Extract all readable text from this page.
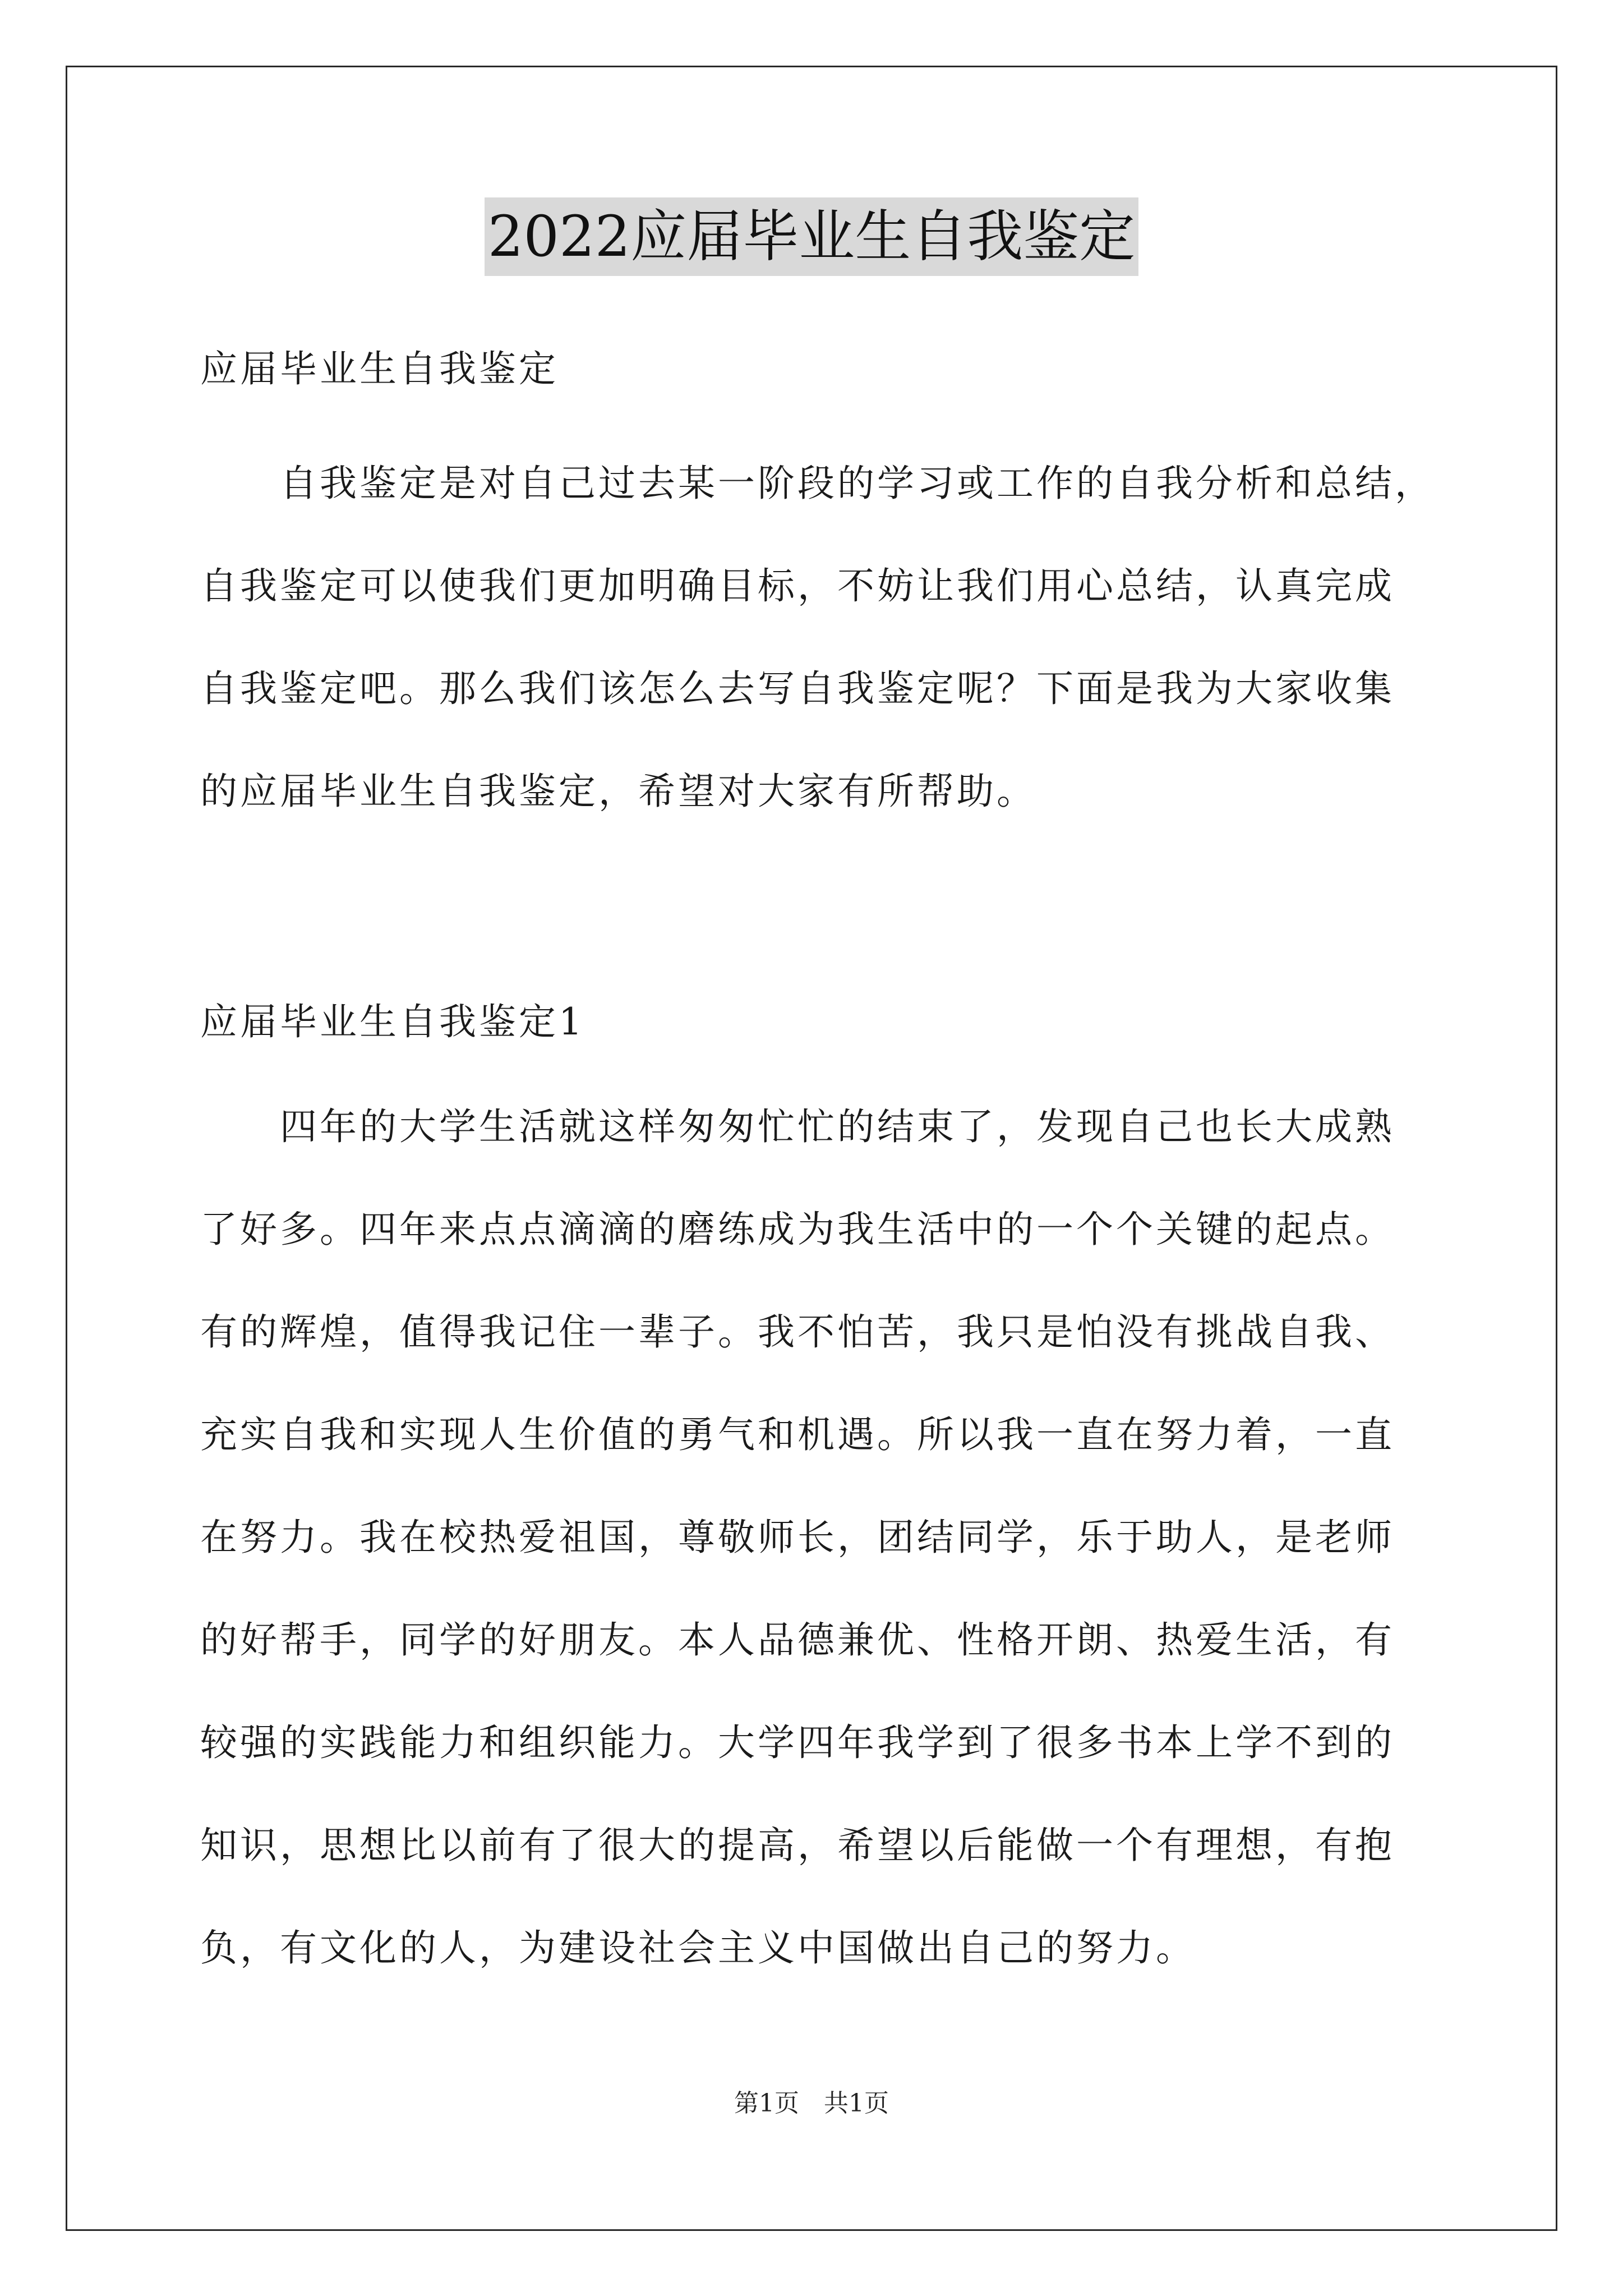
2022应届毕业生自我鉴定
应届毕业生自我鉴定
　　自我鉴定是对自己过去某一阶段的学习或工作的自我分析和总结，
自我鉴定可以使我们更加明确目标，不妨让我们用心总结，认真完成
自我鉴定吧。那么我们该怎么去写自我鉴定呢？下面是我为大家收集
的应届毕业生自我鉴定，希望对大家有所帮助。
应届毕业生自我鉴定1
　　四年的大学生活就这样匆匆忙忙的结束了，发现自己也长大成熟
了好多。四年来点点滴滴的磨练成为我生活中的一个个关键的起点。
有的辉煌，值得我记住一辈子。我不怕苦，我只是怕没有挑战自我、
充实自我和实现人生价值的勇气和机遇。所以我一直在努力着，一直
在努力。我在校热爱祖国，尊敬师长，团结同学，乐于助人，是老师
的好帮手，同学的好朋友。本人品德兼优、性格开朗、热爱生活，有
较强的实践能力和组织能力。大学四年我学到了很多书本上学不到的
知识，思想比以前有了很大的提高，希望以后能做一个有理想，有抱
负，有文化的人，为建设社会主义中国做出自己的努力。
第1页　共1页
